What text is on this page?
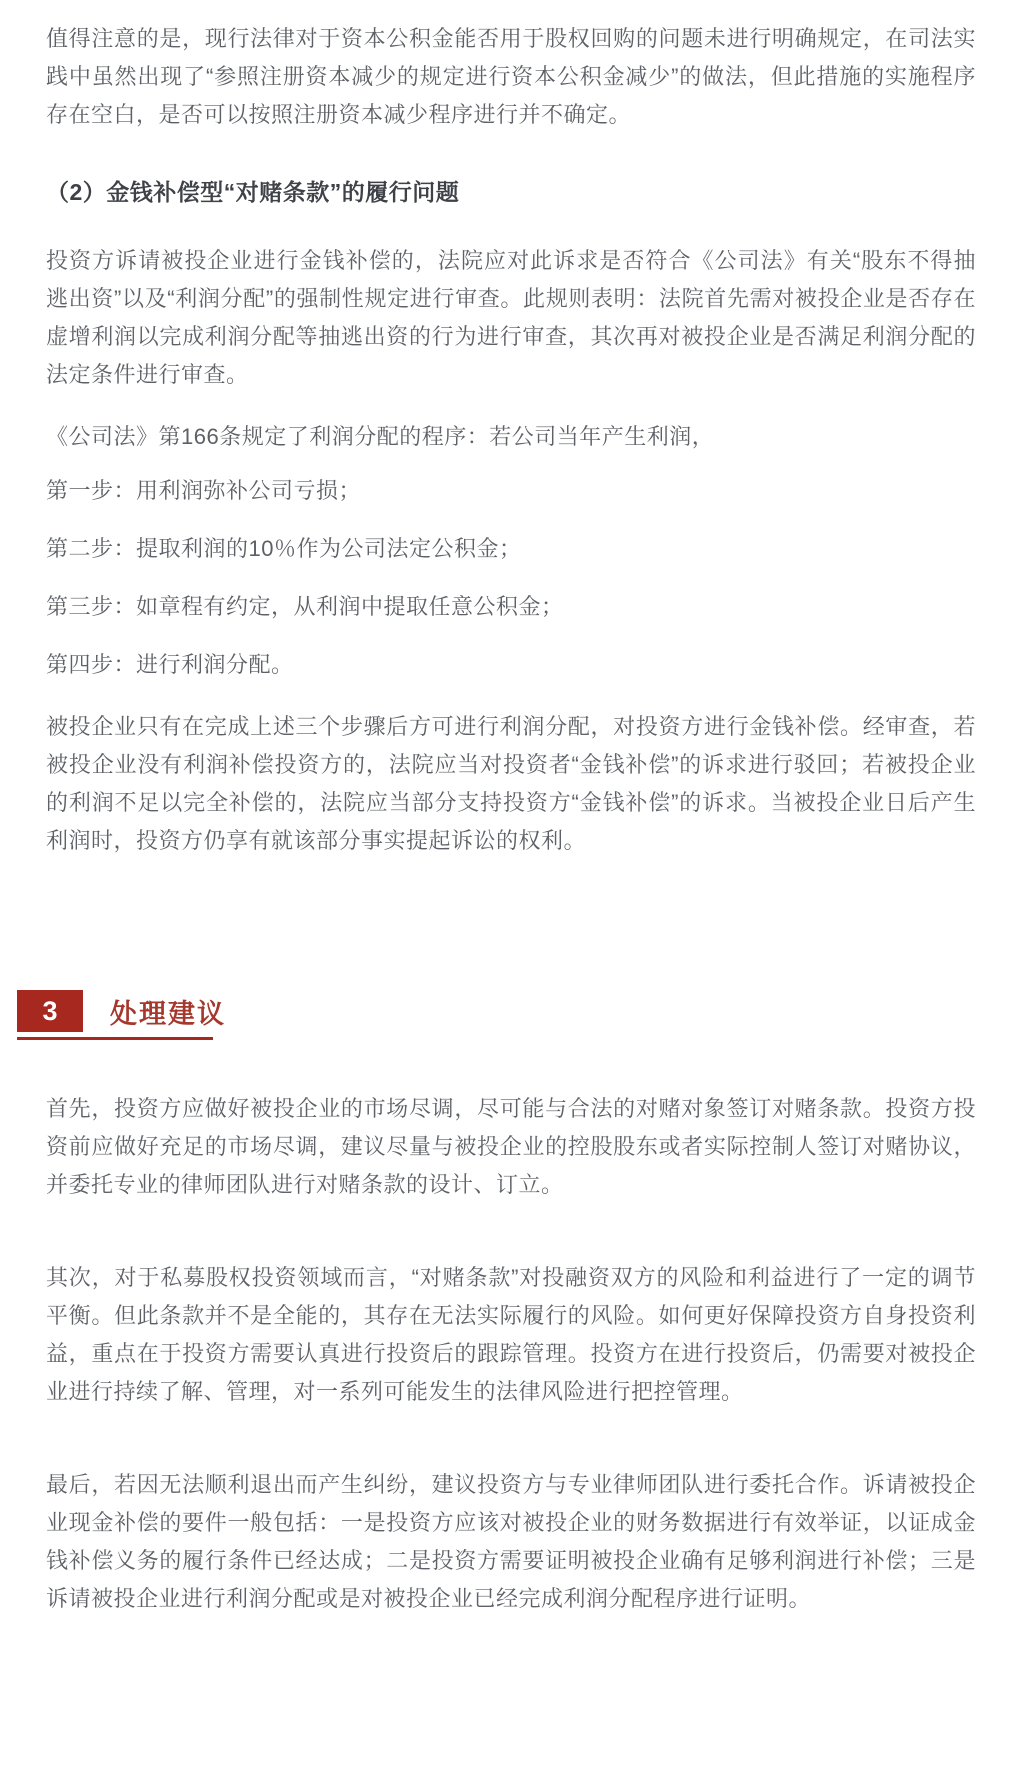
值得注意的是，现行法律对于资本公积金能否用于股权回购的问题未进行明确规定，在司法实践中虽然出现了“参照注册资本减少的规定进行资本公积金减少”的做法，但此措施的实施程序存在空白，是否可以按照注册资本减少程序进行并不确定。

（2）金钱补偿型“对赌条款”的履行问题

投资方诉请被投企业进行金钱补偿的，法院应对此诉求是否符合《公司法》有关“股东不得抽逃出资”以及“利润分配”的强制性规定进行审查。此规则表明：法院首先需对被投企业是否存在虚增利润以完成利润分配等抽逃出资的行为进行审查，其次再对被投企业是否满足利润分配的法定条件进行审查。

《公司法》第166条规定了利润分配的程序：若公司当年产生利润，

第一步：用利润弥补公司亏损；

第二步：提取利润的10％作为公司法定公积金；

第三步：如章程有约定，从利润中提取任意公积金；

第四步：进行利润分配。

被投企业只有在完成上述三个步骤后方可进行利润分配，对投资方进行金钱补偿。经审查，若被投企业没有利润补偿投资方的，法院应当对投资者“金钱补偿”的诉求进行驳回；若被投企业的利润不足以完全补偿的，法院应当部分支持投资方“金钱补偿”的诉求。当被投企业日后产生利润时，投资方仍享有就该部分事实提起诉讼的权利。

3	处理建议

首先，投资方应做好被投企业的市场尽调，尽可能与合法的对赌对象签订对赌条款。投资方投资前应做好充足的市场尽调，建议尽量与被投企业的控股股东或者实际控制人签订对赌协议，并委托专业的律师团队进行对赌条款的设计、订立。

其次，对于私募股权投资领域而言，“对赌条款”对投融资双方的风险和利益进行了一定的调节平衡。但此条款并不是全能的，其存在无法实际履行的风险。如何更好保障投资方自身投资利益，重点在于投资方需要认真进行投资后的跟踪管理。投资方在进行投资后，仍需要对被投企业进行持续了解、管理，对一系列可能发生的法律风险进行把控管理。

最后，若因无法顺利退出而产生纠纷，建议投资方与专业律师团队进行委托合作。诉请被投企业现金补偿的要件一般包括：一是投资方应该对被投企业的财务数据进行有效举证，以证成金钱补偿义务的履行条件已经达成；二是投资方需要证明被投企业确有足够利润进行补偿；三是诉请被投企业进行利润分配或是对被投企业已经完成利润分配程序进行证明。
